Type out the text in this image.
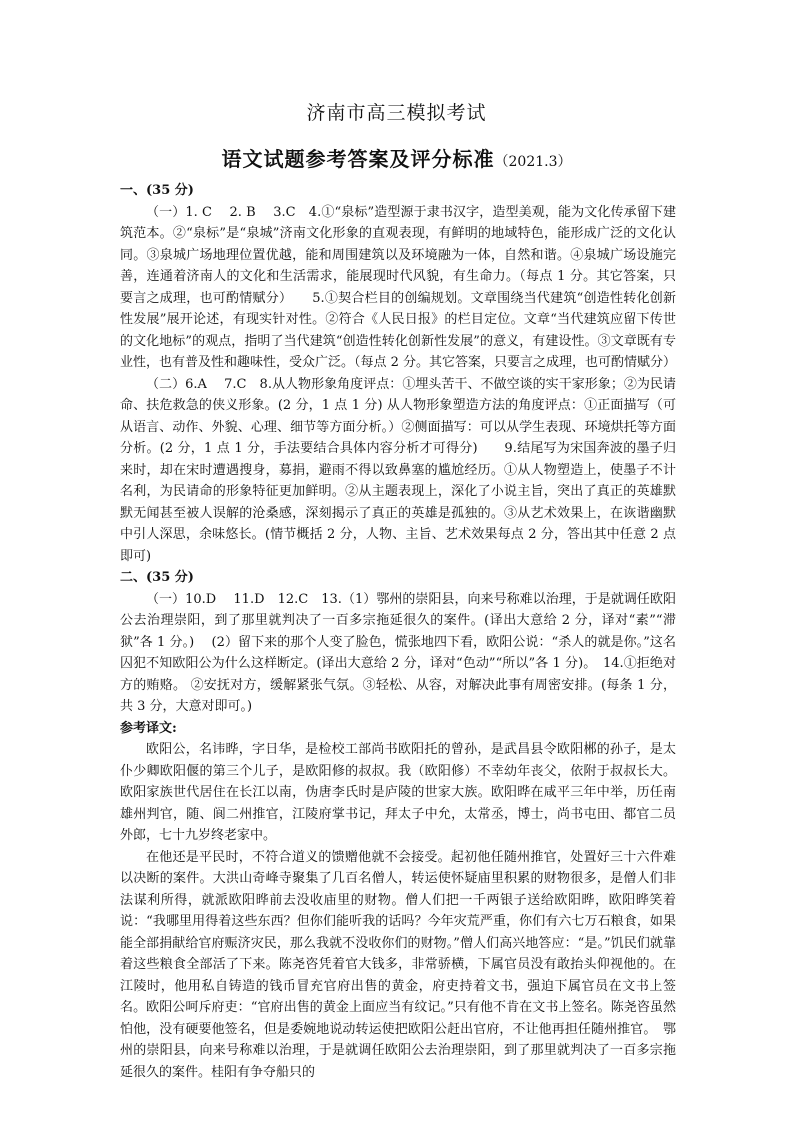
济南市高三模拟考试
语文试题参考答案及评分标准（2021.3）

一、(35 分)

（一）1. C　 2. B　 3.C　4.①“泉标”造型源于隶书汉字，造型美观，能为文化传承留下建筑范本。②“泉标”是“泉城”济南文化形象的直观表现，有鲜明的地域特色，能形成广泛的文化认同。③泉城广场地理位置优越，能和周围建筑以及环境融为一体，自然和谐。④泉城广场设施完善，连通着济南人的文化和生活需求，能展现时代风貌，有生命力。（每点 1 分。其它答案，只要言之成理，也可酌情赋分）　　5.①契合栏目的创编规划。文章围绕当代建筑“创造性转化创新性发展”展开论述，有现实针对性。②符合《人民日报》的栏目定位。文章“当代建筑应留下传世的文化地标”的观点，指明了当代建筑“创造性转化创新性发展”的意义，有建设性。③文章既有专业性，也有普及性和趣味性，受众广泛。（每点 2 分。其它答案，只要言之成理，也可酌情赋分）

（二）6.A　 7.C　8.从人物形象角度评点：①埋头苦干、不做空谈的实干家形象；②为民请命、扶危救急的侠义形象。(2 分，1 点 1 分) 从人物形象塑造方法的角度评点：①正面描写（可从语言、动作、外貌、心理、细节等方面分析。）②侧面描写：可以从学生表现、环境烘托等方面分析。(2 分，1 点 1 分，手法要结合具体内容分析才可得分)　　9.结尾写为宋国奔波的墨子归来时，却在宋时遭遇搜身，募捐，避雨不得以致鼻塞的尴尬经历。①从人物塑造上，使墨子不计名利，为民请命的形象特征更加鲜明。②从主题表现上，深化了小说主旨，突出了真正的英雄默默无闻甚至被人误解的沧桑感，深刻揭示了真正的英雄是孤独的。③从艺术效果上，在诙谐幽默中引人深思，余味悠长。(情节概括 2 分，人物、主旨、艺术效果每点 2 分，答出其中任意 2 点即可)

二、(35 分)

（一）10.D　 11.D　12.C　13.（1）鄂州的崇阳县，向来号称难以治理，于是就调任欧阳公去治理崇阳，到了那里就判决了一百多宗拖延很久的案件。(译出大意给 2 分，译对“素”“滞狱”各 1 分。)　 (2）留下来的那个人变了脸色，慌张地四下看，欧阳公说：“杀人的就是你。”这名囚犯不知欧阳公为什么这样断定。(译出大意给 2 分，译对“色动”“所以”各 1 分)。　14.①拒绝对方的贿赂。 ②安抚对方，缓解紧张气氛。③轻松、从容，对解决此事有周密安排。(每条 1 分，共 3 分，大意对即可。)

参考译文:

欧阳公，名讳晔，字日华，是检校工部尚书欧阳托的曾孙，是武昌县令欧阳郴的孙子，是太仆少卿欧阳偃的第三个儿子，是欧阳修的叔叔。我（欧阳修）不幸幼年丧父，依附于叔叔长大。欧阳家族世代居住在长江以南，伪唐李氏时是庐陵的世家大族。欧阳晔在咸平三年中举，历任南雄州判官，随、阆二州推官，江陵府掌书记，拜太子中允，太常丞，博士，尚书屯田、都官二员外郎，七十九岁终老家中。

在他还是平民时，不符合道义的馈赠他就不会接受。起初他任随州推官，处置好三十六件难以决断的案件。大洪山奇峰寺聚集了几百名僧人，转运使怀疑庙里积累的财物很多，是僧人们非法谋利所得，就派欧阳晔前去没收庙里的财物。僧人们把一千两银子送给欧阳晔，欧阳晔笑着说：“我哪里用得着这些东西？但你们能听我的话吗？今年灾荒严重，你们有六七万石粮食，如果能全部捐献给官府赈济灾民，那么我就不没收你们的财物。”僧人们高兴地答应：“是。”饥民们就靠着这些粮食全部活了下来。陈尧咨凭着官大钱多，非常骄横，下属官员没有敢抬头仰视他的。在江陵时，他用私自铸造的钱币冒充官府出售的黄金，府吏持着文书，强迫下属官员在文书上签名。欧阳公呵斥府吏：“官府出售的黄金上面应当有纹记。”只有他不肯在文书上签名。陈尧咨虽然怕他，没有硬要他签名，但是委婉地说动转运使把欧阳公赶出官府，不让他再担任随州推官。　鄂州的崇阳县，向来号称难以治理，于是就调任欧阳公去治理崇阳，到了那里就判决了一百多宗拖延很久的案件。桂阳有争夺船只的
